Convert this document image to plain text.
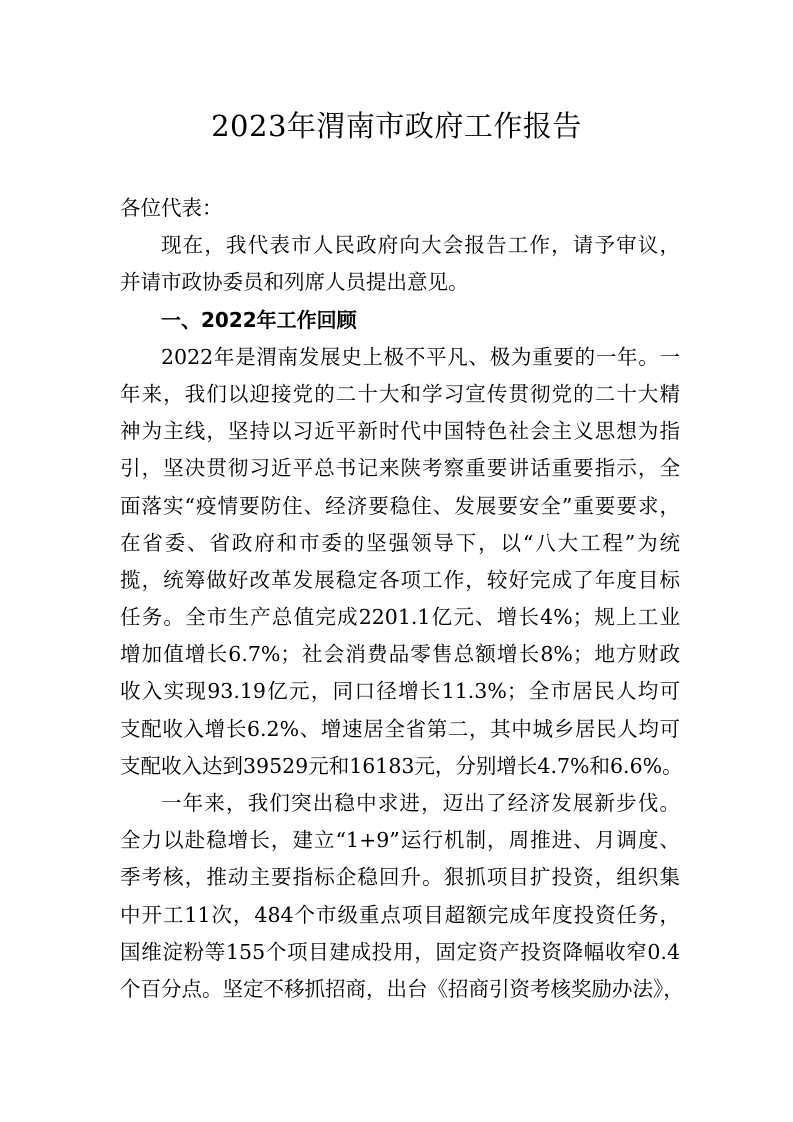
2023年渭南市政府工作报告
各位代表：
现在，我代表市人民政府向大会报告工作，请予审议，
并请市政协委员和列席人员提出意见。
一、2022年工作回顾
2022年是渭南发展史上极不平凡、极为重要的一年。一
年来，我们以迎接党的二十大和学习宣传贯彻党的二十大精
神为主线，坚持以习近平新时代中国特色社会主义思想为指
引，坚决贯彻习近平总书记来陕考察重要讲话重要指示，全
面落实“疫情要防住、经济要稳住、发展要安全”重要要求，
在省委、省政府和市委的坚强领导下，以“八大工程”为统
揽，统筹做好改革发展稳定各项工作，较好完成了年度目标
任务。全市生产总值完成2201.1亿元、增长4%；规上工业
增加值增长6.7%；社会消费品零售总额增长8%；地方财政
收入实现93.19亿元，同口径增长11.3%；全市居民人均可
支配收入增长6.2%、增速居全省第二，其中城乡居民人均可
支配收入达到39529元和16183元，分别增长4.7%和6.6%。
一年来，我们突出稳中求进，迈出了经济发展新步伐。
全力以赴稳增长，建立“1+9”运行机制，周推进、月调度、
季考核，推动主要指标企稳回升。狠抓项目扩投资，组织集
中开工11次，484个市级重点项目超额完成年度投资任务，
国维淀粉等155个项目建成投用，固定资产投资降幅收窄0.4
个百分点。坚定不移抓招商，出台《招商引资考核奖励办法》，
